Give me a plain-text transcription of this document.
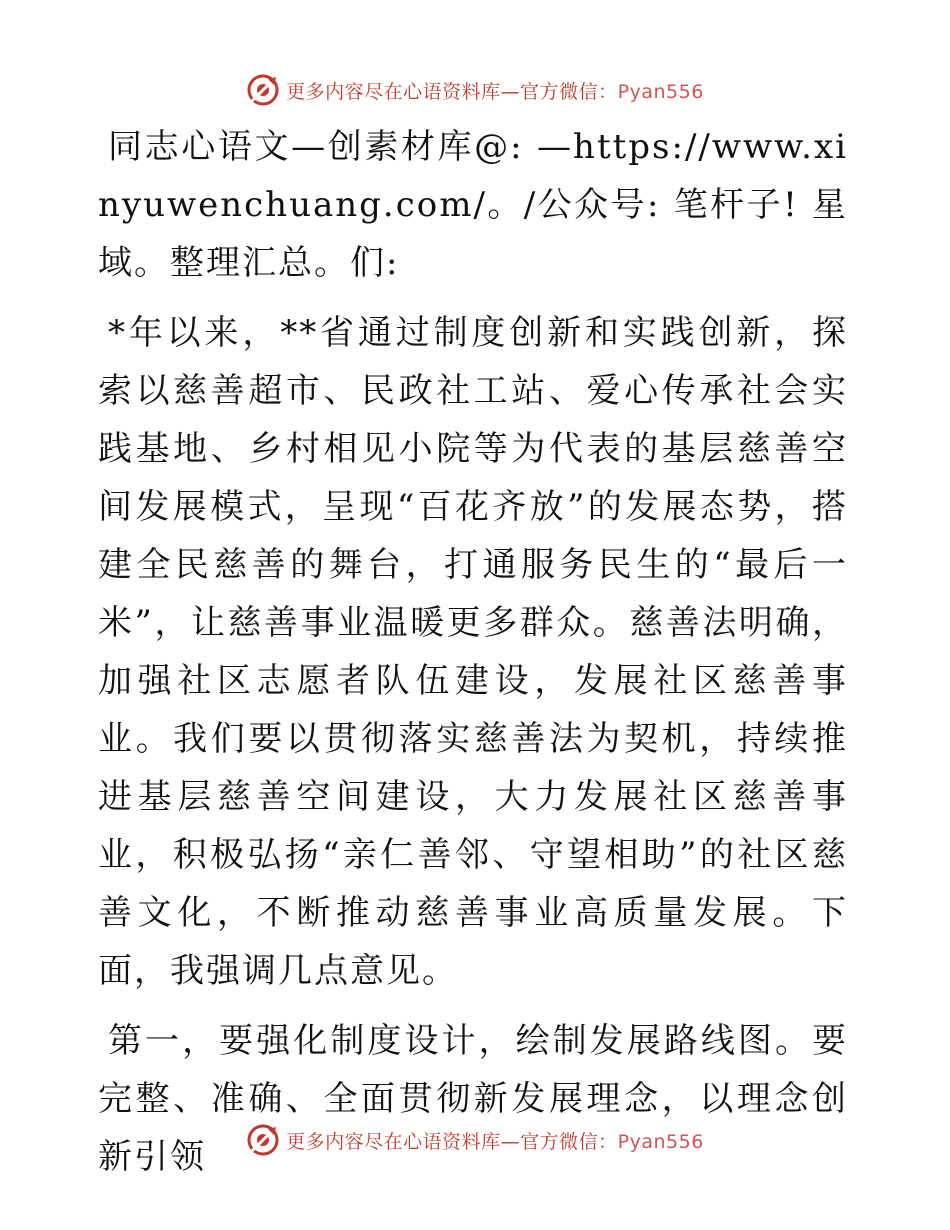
更多内容尽在心语资料库—官方微信：Pyan556

同志心语文—创素材库@: —https://www.xinyuwenchuang.com/。/公众号: 笔杆子! 星域。整理汇总。们:

*年以来，**省通过制度创新和实践创新，探索以慈善超市、民政社工站、爱心传承社会实践基地、乡村相见小院等为代表的基层慈善空间发展模式，呈现“百花齐放”的发展态势，搭建全民慈善的舞台，打通服务民生的“最后一米”，让慈善事业温暖更多群众。慈善法明确，加强社区志愿者队伍建设，发展社区慈善事业。我们要以贯彻落实慈善法为契机，持续推进基层慈善空间建设，大力发展社区慈善事业，积极弘扬“亲仁善邻、守望相助”的社区慈善文化，不断推动慈善事业高质量发展。下面，我强调几点意见。

第一，要强化制度设计，绘制发展路线图。要完整、准确、全面贯彻新发展理念，以理念创新引领	更多内容尽在心语资料库—官方微信：Pyan556
